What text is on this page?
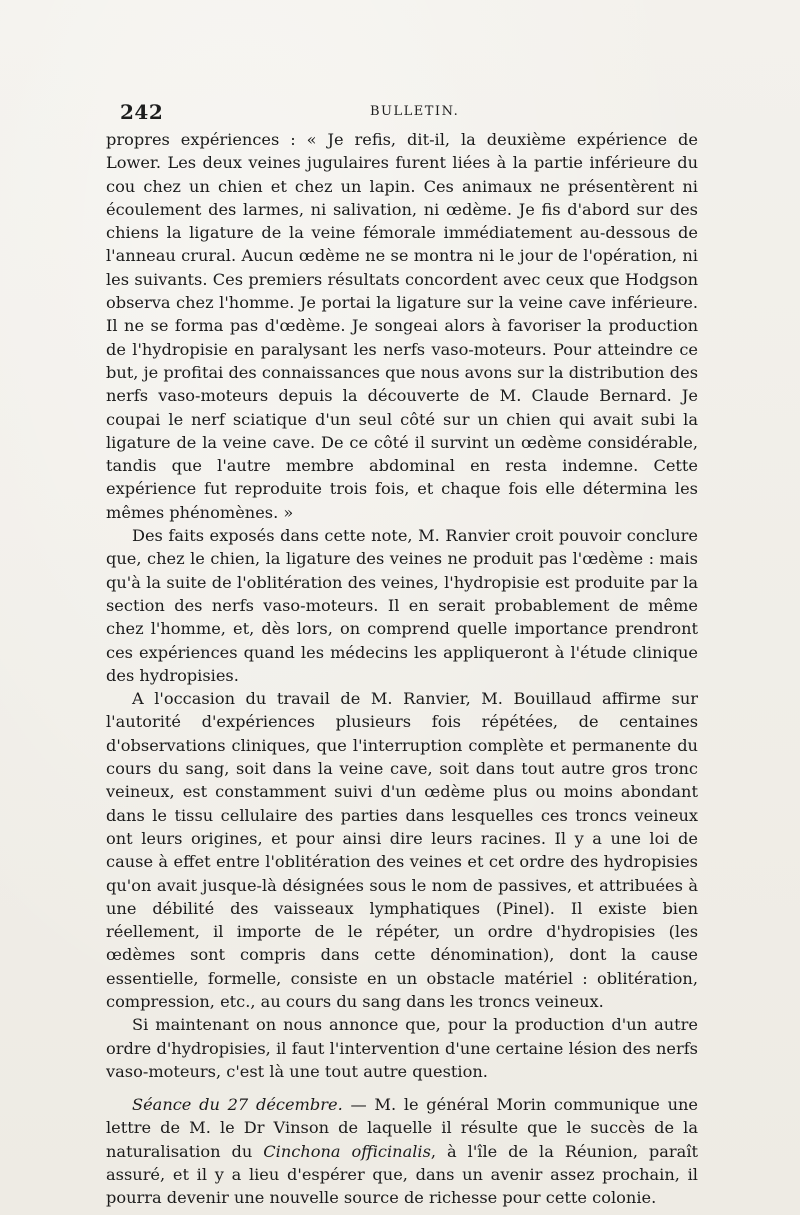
242	BULLETIN.

propres expériences : « Je refis, dit-il, la deuxième expérience de Lower. Les deux veines jugulaires furent liées à la partie inférieure du cou chez un chien et chez un lapin. Ces animaux ne présentèrent ni écoulement des larmes, ni salivation, ni œdème. Je fis d'abord sur des chiens la ligature de la veine fémorale immédiatement au-dessous de l'anneau crural. Aucun œdème ne se montra ni le jour de l'opération, ni les suivants. Ces premiers résultats concordent avec ceux que Hodgson observa chez l'homme. Je portai la ligature sur la veine cave inférieure. Il ne se forma pas d'œdème. Je songeai alors à favoriser la production de l'hydropisie en paralysant les nerfs vaso-moteurs. Pour atteindre ce but, je profitai des connaissances que nous avons sur la distribution des nerfs vaso-moteurs depuis la découverte de M. Claude Bernard. Je coupai le nerf sciatique d'un seul côté sur un chien qui avait subi la ligature de la veine cave. De ce côté il survint un œdème considérable, tandis que l'autre membre abdominal en resta indemne. Cette expérience fut reproduite trois fois, et chaque fois elle détermina les mêmes phénomènes. »

Des faits exposés dans cette note, M. Ranvier croit pouvoir conclure que, chez le chien, la ligature des veines ne produit pas l'œdème : mais qu'à la suite de l'oblitération des veines, l'hydropisie est produite par la section des nerfs vaso-moteurs. Il en serait probablement de même chez l'homme, et, dès lors, on comprend quelle importance prendront ces expériences quand les médecins les appliqueront à l'étude clinique des hydropisies.

A l'occasion du travail de M. Ranvier, M. Bouillaud affirme sur l'autorité d'expériences plusieurs fois répétées, de centaines d'observations cliniques, que l'interruption complète et permanente du cours du sang, soit dans la veine cave, soit dans tout autre gros tronc veineux, est constamment suivi d'un œdème plus ou moins abondant dans le tissu cellulaire des parties dans lesquelles ces troncs veineux ont leurs origines, et pour ainsi dire leurs racines. Il y a une loi de cause à effet entre l'oblitération des veines et cet ordre des hydropisies qu'on avait jusque-là désignées sous le nom de passives, et attribuées à une débilité des vaisseaux lymphatiques (Pinel). Il existe bien réellement, il importe de le répéter, un ordre d'hydropisies (les œdèmes sont compris dans cette dénomination), dont la cause essentielle, formelle, consiste en un obstacle matériel : oblitération, compression, etc., au cours du sang dans les troncs veineux.

Si maintenant on nous annonce que, pour la production d'un autre ordre d'hydropisies, il faut l'intervention d'une certaine lésion des nerfs vaso-moteurs, c'est là une tout autre question.

Séance du 27 décembre. — M. le général Morin communique une lettre de M. le Dr Vinson de laquelle il résulte que le succès de la naturalisation du Cinchona officinalis, à l'île de la Réunion, paraît assuré, et il y a lieu d'espérer que, dans un avenir assez prochain, il pourra devenir une nouvelle source de richesse pour cette colonie.
